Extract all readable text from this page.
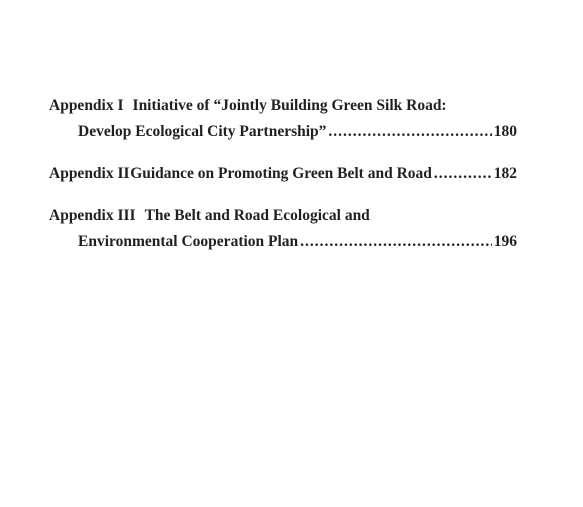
Appendix I Initiative of “Jointly Building Green Silk Road:
Develop Ecological City Partnership” .....	180
Appendix II Guidance on Promoting Green Belt and Road .....	182
Appendix III The Belt and Road Ecological and
Environmental Cooperation Plan .....	196
